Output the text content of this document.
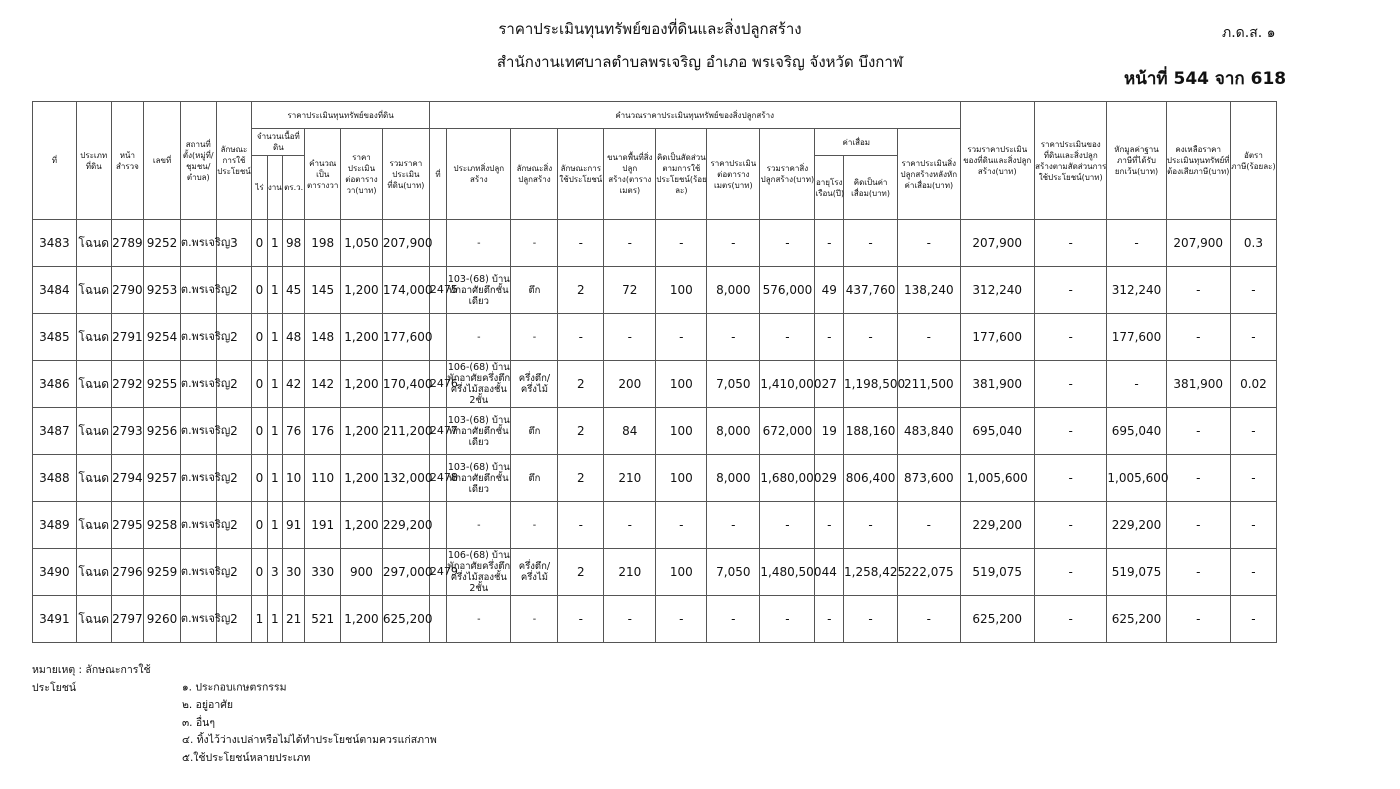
ราคาประเมินทุนทรัพย์ของที่ดินและสิ่งปลูกสร้าง
สำนักงานเทศบาลตำบลพรเจริญ อำเภอ พรเจริญ จังหวัด บึงกาฬ
ภ.ด.ส. ๑
หน้าที่ 544 จาก 618
ที่	ประเภทที่ดิน	หน้าสำรวจ	เลขที่	สถานที่ตั้ง(หมู่ที่/ชุมชน/ตำบล)	ลักษณะการใช้ประโยชน์	ราคาประเมินทุนทรัพย์ของที่ดิน						คำนวณราคาประเมินทุนทรัพย์ของสิ่งปลูกสร้าง											รวมราคาประเมินของที่ดินและสิ่งปลูกสร้าง(บาท)	ราคาประเมินของที่ดินและสิ่งปลูกสร้างตามสัดส่วนการใช้ประโยชน์(บาท)	หักมูลค่าฐานภาษีที่ได้รับยกเว้น(บาท)	คงเหลือราคาประเมินทุนทรัพย์ที่ต้องเสียภาษี(บาท)	อัตราภาษี(ร้อยละ)
						จำนวนเนื้อที่ดิน			คำนวณเป็นตารางวา	ราคาประเมินต่อตารางวา(บาท)	รวมราคาประเมินที่ดิน(บาท)	ที่	ประเภทสิ่งปลูกสร้าง	ลักษณะสิ่งปลูกสร้าง	ลักษณะการใช้ประโยชน์	ขนาดพื้นที่สิ่งปลูกสร้าง(ตารางเมตร)	คิดเป็นสัดส่วนตามการใช้ประโยชน์(ร้อยละ)	ราคาประเมินต่อตารางเมตร(บาท)	รวมราคาสิ่งปลูกสร้าง(บาท)	ค่าเสื่อม		ราคาประเมินสิ่งปลูกสร้างหลังหักค่าเสื่อม(บาท)					
						ไร่	งาน	ตร.ว.												อายุโรงเรือน(ปี)	คิดเป็นค่าเสื่อม(บาท)						
3483	โฉนด	2789	9252	ต.พรเจริญ	3	0	1	98	198	1,050	207,900		-	-	-	-	-	-	-	-	-	-	207,900	-	-	207,900	0.3
3484	โฉนด	2790	9253	ต.พรเจริญ	2	0	1	45	145	1,200	174,000	2475	103-(68) บ้านพักอาศัยตึกชั้นเดียว	ตึก	2	72	100	8,000	576,000	49	437,760	138,240	312,240	-	312,240	-	-
3485	โฉนด	2791	9254	ต.พรเจริญ	2	0	1	48	148	1,200	177,600		-	-	-	-	-	-	-	-	-	-	177,600	-	177,600	-	-
3486	โฉนด	2792	9255	ต.พรเจริญ	2	0	1	42	142	1,200	170,400	2476	106-(68) บ้านพักอาศัยครึ่งตึกครึ่งไม้สองชั้น 2ชั้น	ครึ่งตึก/ครึ่งไม้	2	200	100	7,050	1,410,000	27	1,198,500	211,500	381,900	-	-	381,900	0.02
3487	โฉนด	2793	9256	ต.พรเจริญ	2	0	1	76	176	1,200	211,200	2477	103-(68) บ้านพักอาศัยตึกชั้นเดียว	ตึก	2	84	100	8,000	672,000	19	188,160	483,840	695,040	-	695,040	-	-
3488	โฉนด	2794	9257	ต.พรเจริญ	2	0	1	10	110	1,200	132,000	2478	103-(68) บ้านพักอาศัยตึกชั้นเดียว	ตึก	2	210	100	8,000	1,680,000	29	806,400	873,600	1,005,600	-	1,005,600	-	-
3489	โฉนด	2795	9258	ต.พรเจริญ	2	0	1	91	191	1,200	229,200		-	-	-	-	-	-	-	-	-	-	229,200	-	229,200	-	-
3490	โฉนด	2796	9259	ต.พรเจริญ	2	0	3	30	330	900	297,000	2479	106-(68) บ้านพักอาศัยครึ่งตึกครึ่งไม้สองชั้น 2ชั้น	ครึ่งตึก/ครึ่งไม้	2	210	100	7,050	1,480,500	44	1,258,425	222,075	519,075	-	519,075	-	-
3491	โฉนด	2797	9260	ต.พรเจริญ	2	1	1	21	521	1,200	625,200		-	-	-	-	-	-	-	-	-	-	625,200	-	625,200	-	-
หมายเหตุ : ลักษณะการใช้ประโยชน์	๑. ประกอบเกษตรกรรม
๒. อยู่อาศัย
๓. อื่นๆ
๔. ทิ้งไว้ว่างเปล่าหรือไม่ได้ทำประโยชน์ตามควรแก่สภาพ
๕.ใช้ประโยชน์หลายประเภท
